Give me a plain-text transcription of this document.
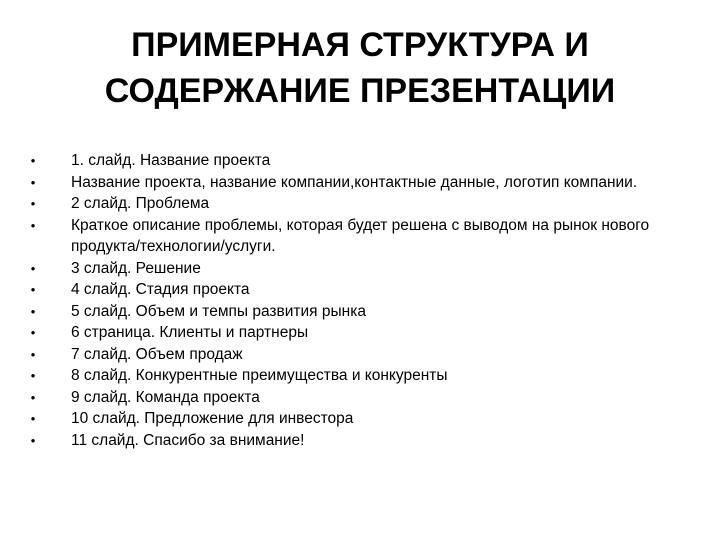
ПРИМЕРНАЯ СТРУКТУРА И
СОДЕРЖАНИЕ ПРЕЗЕНТАЦИИ
•	1. слайд. Название проекта
•	Название проекта, название компании,контактные данные, логотип компании.
•	2 слайд. Проблема
•	Краткое описание проблемы, которая будет решена с выводом на рынок нового продукта/технологии/услуги.
•	3 слайд. Решение
•	4 слайд. Стадия проекта
•	5 слайд. Объем и темпы развития рынка
•	6 страница. Клиенты и партнеры
•	7 слайд. Объем продаж
•	8 слайд. Конкурентные преимущества и конкуренты
•	9 слайд. Команда проекта
•	10 слайд. Предложение для инвестора
•	11 слайд. Спасибо за внимание!
